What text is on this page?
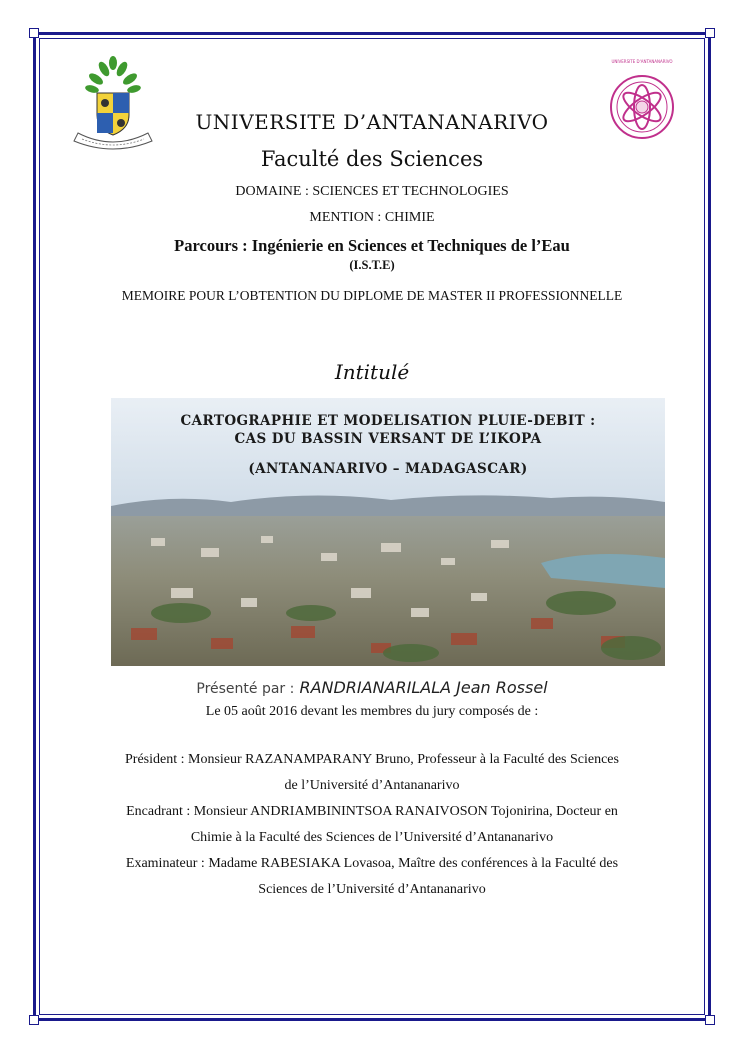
UNIVERSITE D'ANTANANARIVO
UNIVERSITE D’ANTANANARIVO
Faculté des Sciences
DOMAINE : SCIENCES ET TECHNOLOGIES
MENTION : CHIMIE
Parcours : Ingénierie en Sciences et Techniques de l’Eau
(I.S.T.E)
MEMOIRE POUR L’OBTENTION DU DIPLOME DE MASTER II PROFESSIONNELLE
Intitulé
CARTOGRAPHIE ET MODELISATION PLUIE-DEBIT :
CAS DU BASSIN VERSANT DE L’IKOPA
(ANTANANARIVO – MADAGASCAR)
Présenté par : RANDRIANARILALA Jean Rossel
Le 05 août 2016 devant les membres du jury composés de :
Président : Monsieur RAZANAMPARANY Bruno, Professeur à la Faculté des Sciences
de l’Université d’Antananarivo
Encadrant : Monsieur ANDRIAMBININTSOA RANAIVOSON Tojonirina, Docteur en
Chimie à la Faculté des Sciences de l’Université d’Antananarivo
Examinateur : Madame RABESIAKA Lovasoa, Maître des conférences à la Faculté des
Sciences de l’Université d’Antananarivo
